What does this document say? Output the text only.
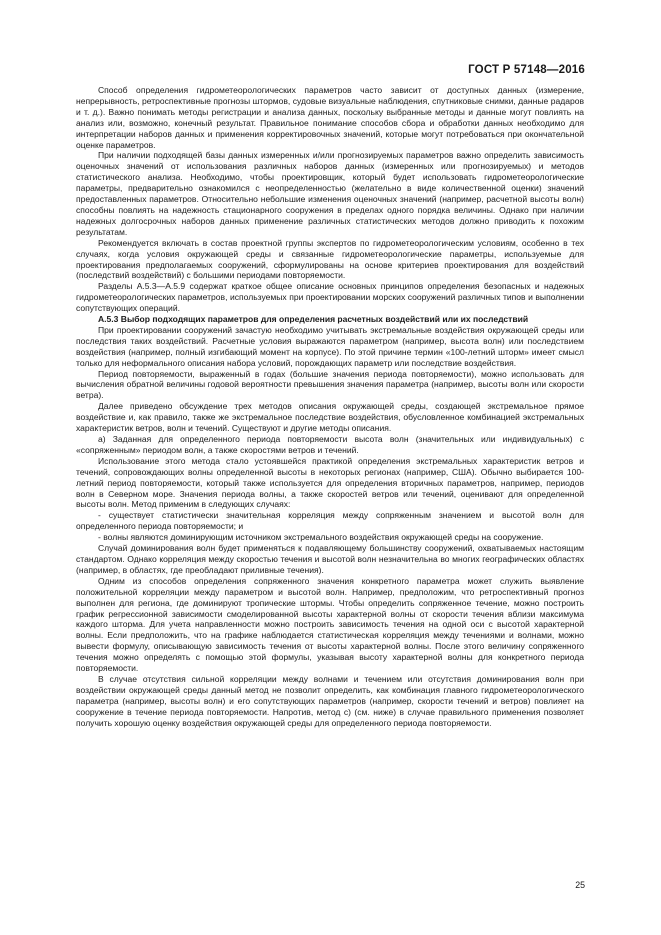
ГОСТ Р 57148—2016

Способ определения гидрометеорологических параметров часто зависит от доступных данных (измерение, непрерывность, ретроспективные прогнозы штормов, судовые визуальные наблюдения, спутниковые снимки, данные радаров и т. д.). Важно понимать методы регистрации и анализа данных, поскольку выбранные методы и данные могут повлиять на анализ или, возможно, конечный результат. Правильное понимание способов сбора и обработки данных необходимо для интерпретации наборов данных и применения корректировочных значений, которые могут потребоваться при окончательной оценке параметров.

При наличии подходящей базы данных измеренных и/или прогнозируемых параметров важно определить зависимость оценочных значений от использования различных наборов данных (измеренных или прогнозируемых) и методов статистического анализа. Необходимо, чтобы проектировщик, который будет использовать гидрометеорологические параметры, предварительно ознакомился с неопределенностью (желательно в виде количественной оценки) значений предоставленных параметров. Относительно небольшие изменения оценочных значений (например, расчетной высоты волн) способны повлиять на надежность стационарного сооружения в пределах одного порядка величины. Однако при наличии надежных долгосрочных наборов данных применение различных статистических методов должно приводить к похожим результатам.

Рекомендуется включать в состав проектной группы экспертов по гидрометеорологическим условиям, особенно в тех случаях, когда условия окружающей среды и связанные гидрометеорологические параметры, используемые для проектирования предполагаемых сооружений, сформулированы на основе критериев проектирования для воздействий (последствий воздействий) с большими периодами повторяемости.

Разделы А.5.3—А.5.9 содержат краткое общее описание основных принципов определения безопасных и надежных гидрометеорологических параметров, используемых при проектировании морских сооружений различных типов и выполнении сопутствующих операций.

А.5.3 Выбор подходящих параметров для определения расчетных воздействий или их последствий

При проектировании сооружений зачастую необходимо учитывать экстремальные воздействия окружающей среды или последствия таких воздействий. Расчетные условия выражаются параметром (например, высота волн) или последствием воздействия (например, полный изгибающий момент на корпусе). По этой причине термин «100-летний шторм» имеет смысл только для неформального описания набора условий, порождающих параметр или последствие воздействия.

Период повторяемости, выраженный в годах (большие значения периода повторяемости), можно использовать для вычисления обратной величины годовой вероятности превышения значения параметра (например, высоты волн или скорости ветра).

Далее приведено обсуждение трех методов описания окружающей среды, создающей экстремальное прямое воздействие и, как правило, также же экстремальное последствие воздействия, обусловленное комбинацией экстремальных характеристик ветров, волн и течений. Существуют и другие методы описания.

а) Заданная для определенного периода повторяемости высота волн (значительных или индивидуальных) с «сопряженным» периодом волн, а также скоростями ветров и течений.

Использование этого метода стало устоявшейся практикой определения экстремальных характеристик ветров и течений, сопровождающих волны определенной высоты в некоторых регионах (например, США). Обычно выбирается 100-летний период повторяемости, который также используется для определения вторичных параметров, например, периодов волн в Северном море. Значения периода волны, а также скоростей ветров или течений, оценивают для определенной высоты волн. Метод применим в следующих случаях:

- существует статистически значительная корреляция между сопряженным значением и высотой волн для определенного периода повторяемости; и

- волны являются доминирующим источником экстремального воздействия окружающей среды на сооружение.

Случай доминирования волн будет применяться к подавляющему большинству сооружений, охватываемых настоящим стандартом. Однако корреляция между скоростью течения и высотой волн незначительна во многих географических областях (например, в областях, где преобладают приливные течения).

Одним из способов определения сопряженного значения конкретного параметра может служить выявление положительной корреляции между параметром и высотой волн. Например, предположим, что ретроспективный прогноз выполнен для региона, где доминируют тропические штормы. Чтобы определить сопряженное течение, можно построить график регрессионной зависимости смоделированной высоты характерной волны от скорости течения вблизи максимума каждого шторма. Для учета направленности можно построить зависимость течения на одной оси с высотой характерной волны. Если предположить, что на графике наблюдается статистическая корреляция между течениями и волнами, можно вывести формулу, описывающую зависимость течения от высоты характерной волны. После этого величину сопряженного течения можно определять с помощью этой формулы, указывая высоту характерной волны для конкретного периода повторяемости.

В случае отсутствия сильной корреляции между волнами и течением или отсутствия доминирования волн при воздействии окружающей среды данный метод не позволит определить, как комбинация главного гидрометеорологического параметра (например, высоты волн) и его сопутствующих параметров (например, скорости течений и ветров) повлияет на сооружение в течение периода повторяемости. Напротив, метод с) (см. ниже) в случае правильного применения позволяет получить хорошую оценку воздействия окружающей среды для определенного периода повторяемости.

25
